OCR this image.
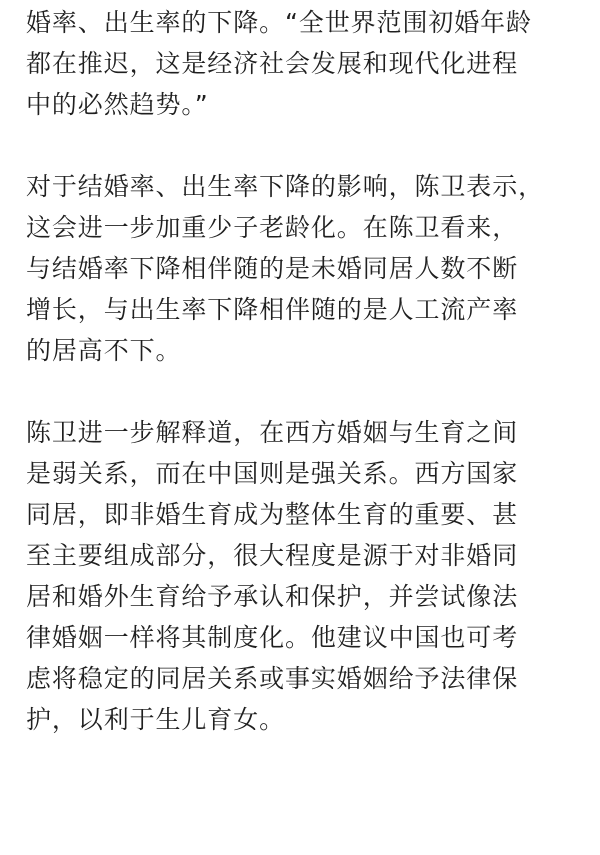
婚率、出生率的下降。“全世界范围初婚年龄
都在推迟，这是经济社会发展和现代化进程
中的必然趋势。”
对于结婚率、出生率下降的影响，陈卫表示，
这会进一步加重少子老龄化。在陈卫看来，
与结婚率下降相伴随的是未婚同居人数不断
增长，与出生率下降相伴随的是人工流产率
的居高不下。
陈卫进一步解释道，在西方婚姻与生育之间
是弱关系，而在中国则是强关系。西方国家
同居，即非婚生育成为整体生育的重要、甚
至主要组成部分，很大程度是源于对非婚同
居和婚外生育给予承认和保护，并尝试像法
律婚姻一样将其制度化。他建议中国也可考
虑将稳定的同居关系或事实婚姻给予法律保
护，以利于生儿育女。
